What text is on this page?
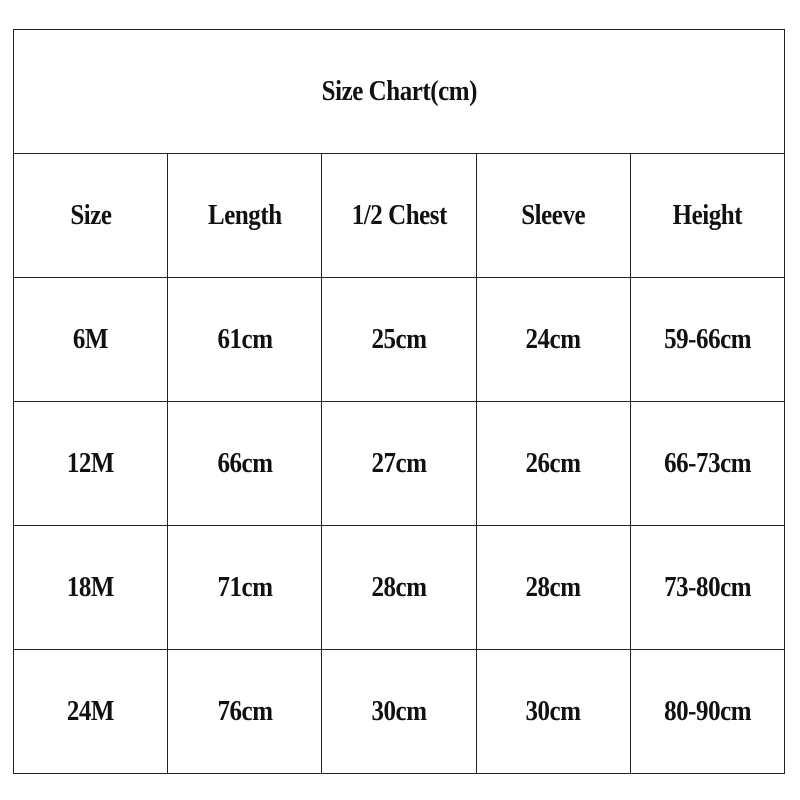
Size Chart(cm)				
Size	Length	1/2 Chest	Sleeve	Height
6M	61cm	25cm	24cm	59-66cm
12M	66cm	27cm	26cm	66-73cm
18M	71cm	28cm	28cm	73-80cm
24M	76cm	30cm	30cm	80-90cm
